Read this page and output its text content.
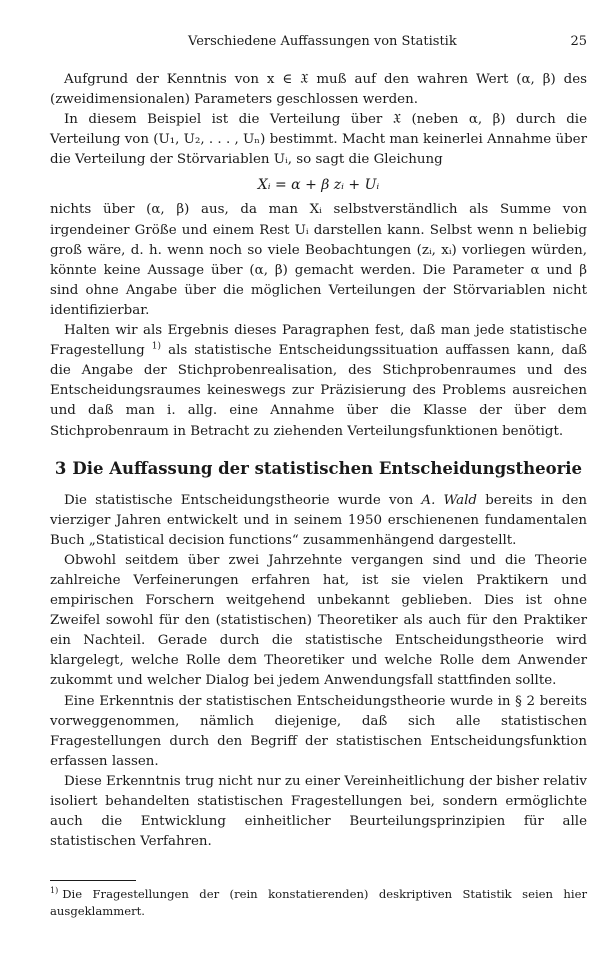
Verschiedene Auffassungen von Statistik	25

Aufgrund der Kenntnis von x ∈ 𝔛 muß auf den wahren Wert (α, β) des (zweidimensionalen) Parameters geschlossen werden.

In diesem Beispiel ist die Verteilung über 𝔛 (neben α, β) durch die Verteilung von (U₁, U₂, . . . , Uₙ) bestimmt. Macht man keinerlei Annahme über die Verteilung der Störvariablen Uᵢ, so sagt die Gleichung

Xᵢ = α + β zᵢ + Uᵢ

nichts über (α, β) aus, da man Xᵢ selbstverständlich als Summe von irgendeiner Größe und einem Rest Uᵢ darstellen kann. Selbst wenn n beliebig groß wäre, d. h. wenn noch so viele Beobachtungen (zᵢ, xᵢ) vorliegen würden, könnte keine Aussage über (α, β) gemacht werden. Die Parameter α und β sind ohne Angabe über die möglichen Verteilungen der Störvariablen nicht identifizierbar.

Halten wir als Ergebnis dieses Paragraphen fest, daß man jede statistische Fragestellung $^{1)}$ als statistische Entscheidungssituation auffassen kann, daß die Angabe der Stichprobenrealisation, des Stichprobenraumes und des Entscheidungsraumes keineswegs zur Präzisierung des Problems ausreichen und daß man i. allg. eine Annahme über die Klasse der über dem Stichprobenraum in Betracht zu ziehenden Verteilungsfunktionen benötigt.

3 Die Auffassung der statistischen Entscheidungstheorie

Die statistische Entscheidungstheorie wurde von A. Wald bereits in den vierziger Jahren entwickelt und in seinem 1950 erschienenen fundamentalen Buch „Statistical decision functions“ zusammenhängend dargestellt.

Obwohl seitdem über zwei Jahrzehnte vergangen sind und die Theorie zahlreiche Verfeinerungen erfahren hat, ist sie vielen Praktikern und empirischen Forschern weitgehend unbekannt geblieben. Dies ist ohne Zweifel sowohl für den (statistischen) Theoretiker als auch für den Praktiker ein Nachteil. Gerade durch die statistische Entscheidungstheorie wird klargelegt, welche Rolle dem Theoretiker und welche Rolle dem Anwender zukommt und welcher Dialog bei jedem Anwendungsfall stattfinden sollte.

Eine Erkenntnis der statistischen Entscheidungstheorie wurde in § 2 bereits vorweggenommen, nämlich diejenige, daß sich alle statistischen Fragestellungen durch den Begriff der statistischen Entscheidungsfunktion erfassen lassen.

Diese Erkenntnis trug nicht nur zu einer Vereinheitlichung der bisher relativ isoliert behandelten statistischen Fragestellungen bei, sondern ermöglichte auch die Entwicklung einheitlicher Beurteilungsprinzipien für alle statistischen Verfahren.

$^{1)}$ Die Fragestellungen der (rein konstatierenden) deskriptiven Statistik seien hier ausgeklammert.
